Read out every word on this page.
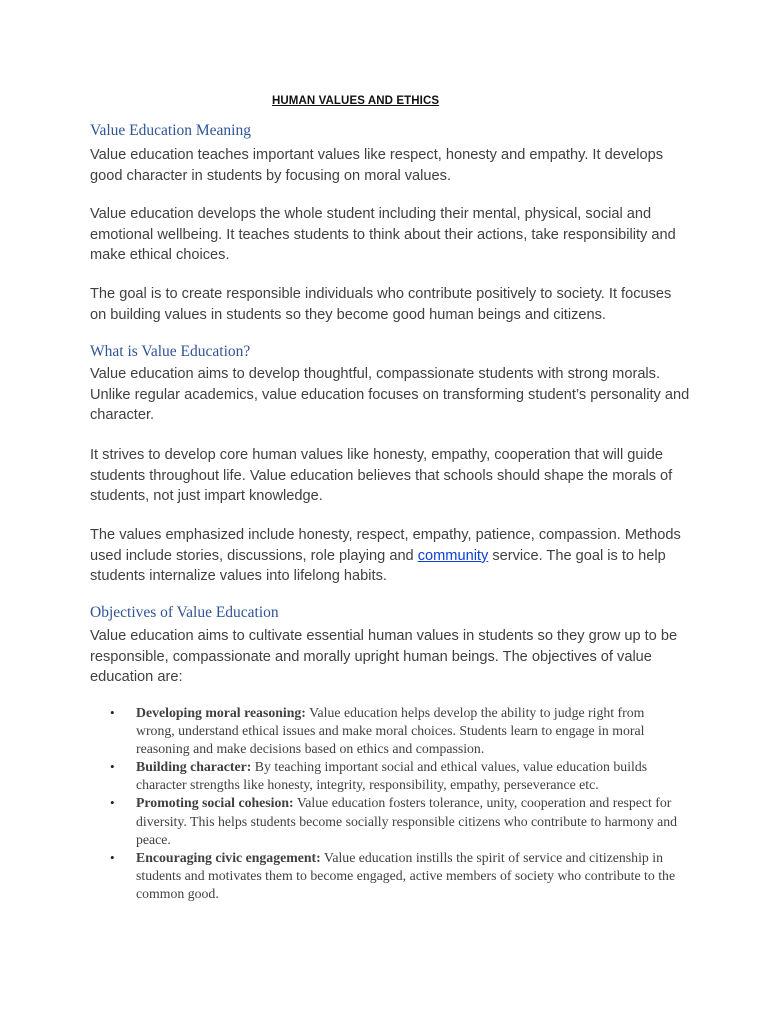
HUMAN VALUES AND ETHICS
Value Education Meaning
Value education teaches important values like respect, honesty and empathy. It develops good character in students by focusing on moral values.
Value education develops the whole student including their mental, physical, social and emotional wellbeing. It teaches students to think about their actions, take responsibility and make ethical choices.
The goal is to create responsible individuals who contribute positively to society. It focuses on building values in students so they become good human beings and citizens.
What is Value Education?
Value education aims to develop thoughtful, compassionate students with strong morals. Unlike regular academics, value education focuses on transforming student’s personality and character.
It strives to develop core human values like honesty, empathy, cooperation that will guide students throughout life. Value education believes that schools should shape the morals of students, not just impart knowledge.
The values emphasized include honesty, respect, empathy, patience, compassion. Methods used include stories, discussions, role playing and community service. The goal is to help students internalize values into lifelong habits.
Objectives of Value Education
Value education aims to cultivate essential human values in students so they grow up to be responsible, compassionate and morally upright human beings. The objectives of value education are:
• Developing moral reasoning: Value education helps develop the ability to judge right from wrong, understand ethical issues and make moral choices. Students learn to engage in moral reasoning and make decisions based on ethics and compassion.
• Building character: By teaching important social and ethical values, value education builds character strengths like honesty, integrity, responsibility, empathy, perseverance etc.
• Promoting social cohesion: Value education fosters tolerance, unity, cooperation and respect for diversity. This helps students become socially responsible citizens who contribute to harmony and peace.
• Encouraging civic engagement: Value education instills the spirit of service and citizenship in students and motivates them to become engaged, active members of society who contribute to the common good.
